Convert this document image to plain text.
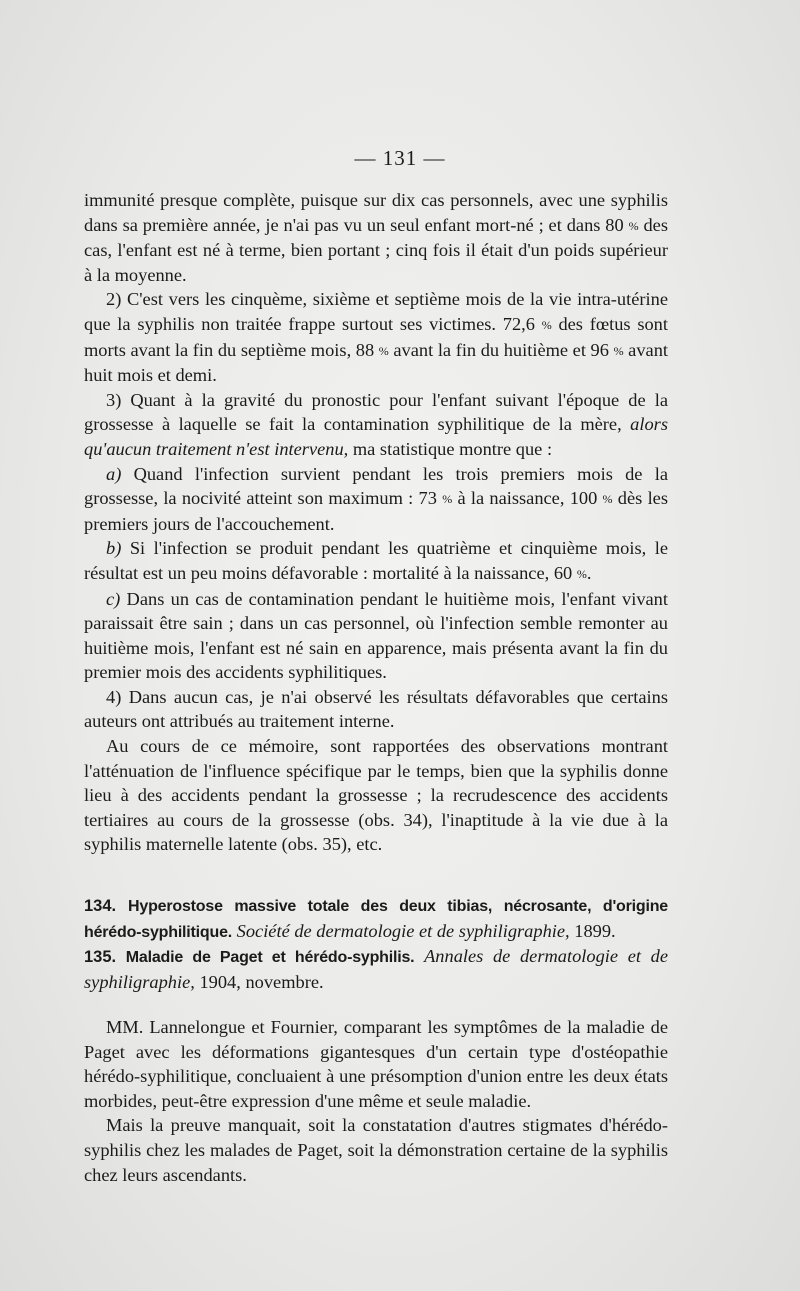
— 131 —

immunité presque complète, puisque sur dix cas personnels, avec une syphilis dans sa première année, je n'ai pas vu un seul enfant mort-né ; et dans 80 % des cas, l'enfant est né à terme, bien portant ; cinq fois il était d'un poids supérieur à la moyenne.

2) C'est vers les cinquème, sixième et septième mois de la vie intra-utérine que la syphilis non traitée frappe surtout ses victimes. 72,6 % des fœtus sont morts avant la fin du septième mois, 88 % avant la fin du huitième et 96 % avant huit mois et demi.

3) Quant à la gravité du pronostic pour l'enfant suivant l'époque de la grossesse à laquelle se fait la contamination syphilitique de la mère, alors qu'aucun traitement n'est intervenu, ma statistique montre que :

a) Quand l'infection survient pendant les trois premiers mois de la grossesse, la nocivité atteint son maximum : 73 % à la naissance, 100 % dès les premiers jours de l'accouchement.

b) Si l'infection se produit pendant les quatrième et cinquième mois, le résultat est un peu moins défavorable : mortalité à la naissance, 60 %.

c) Dans un cas de contamination pendant le huitième mois, l'enfant vivant paraissait être sain ; dans un cas personnel, où l'infection semble remonter au huitième mois, l'enfant est né sain en apparence, mais présenta avant la fin du premier mois des accidents syphilitiques.

4) Dans aucun cas, je n'ai observé les résultats défavorables que certains auteurs ont attribués au traitement interne.

Au cours de ce mémoire, sont rapportées des observations montrant l'atténuation de l'influence spécifique par le temps, bien que la syphilis donne lieu à des accidents pendant la grossesse ; la recrudescence des accidents tertiaires au cours de la grossesse (obs. 34), l'inaptitude à la vie due à la syphilis maternelle latente (obs. 35), etc.

134. Hyperostose massive totale des deux tibias, nécrosante, d'origine hérédo-syphilitique. Société de dermatologie et de syphiligraphie, 1899.
135. Maladie de Paget et hérédo-syphilis. Annales de dermatologie et de syphiligraphie, 1904, novembre.

MM. Lannelongue et Fournier, comparant les symptômes de la maladie de Paget avec les déformations gigantesques d'un certain type d'ostéopathie hérédo-syphilitique, concluaient à une présomption d'union entre les deux états morbides, peut-être expression d'une même et seule maladie.

Mais la preuve manquait, soit la constatation d'autres stigmates d'hérédo-syphilis chez les malades de Paget, soit la démonstration certaine de la syphilis chez leurs ascendants.
